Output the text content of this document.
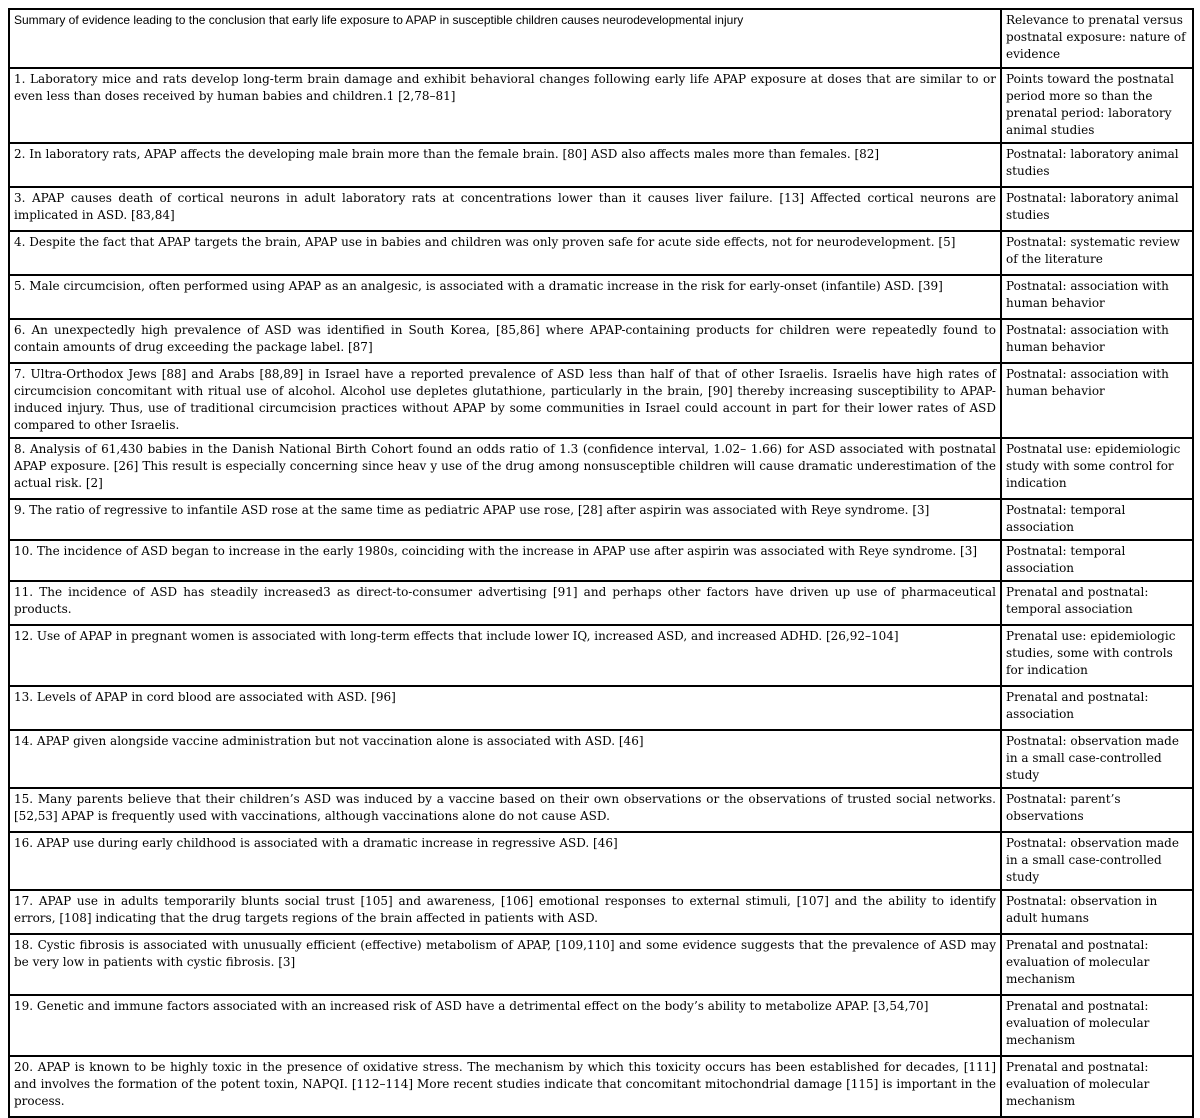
Summary of evidence leading to the conclusion that early life exposure to APAP in susceptible children causes neurodevelopmental injury	Relevance to prenatal versus postnatal exposure: nature of evidence
1. Laboratory mice and rats develop long-term brain damage and exhibit behavioral changes following early life APAP exposure at doses that are similar to or even less than doses received by human babies and children.1 [2,78–81]	Points toward the postnatal period more so than the prenatal period: laboratory animal studies
2. In laboratory rats, APAP affects the developing male brain more than the female brain. [80] ASD also affects males more than females. [82]	Postnatal: laboratory animal studies
3. APAP causes death of cortical neurons in adult laboratory rats at concentrations lower than it causes liver failure. [13] Affected cortical neurons are implicated in ASD. [83,84]	Postnatal: laboratory animal studies
4. Despite the fact that APAP targets the brain, APAP use in babies and children was only proven safe for acute side effects, not for neurodevelopment. [5]	Postnatal: systematic review of the literature
5. Male circumcision, often performed using APAP as an analgesic, is associated with a dramatic increase in the risk for early-onset (infantile) ASD. [39]	Postnatal: association with human behavior
6. An unexpectedly high prevalence of ASD was identified in South Korea, [85,86] where APAP-containing products for children were repeatedly found to contain amounts of drug exceeding the package label. [87]	Postnatal: association with human behavior
7. Ultra-Orthodox Jews [88] and Arabs [88,89] in Israel have a reported prevalence of ASD less than half of that of other Israelis. Israelis have high rates of circumcision concomitant with ritual use of alcohol. Alcohol use depletes glutathione, particularly in the brain, [90] thereby increasing susceptibility to APAP-induced injury. Thus, use of traditional circumcision practices without APAP by some communities in Israel could account in part for their lower rates of ASD compared to other Israelis.	Postnatal: association with human behavior
8. Analysis of 61,430 babies in the Danish National Birth Cohort found an odds ratio of 1.3 (confidence interval, 1.02– 1.66) for ASD associated with postnatal APAP exposure. [26] This result is especially concerning since heav y use of the drug among nonsusceptible children will cause dramatic underestimation of the actual risk. [2]	Postnatal use: epidemiologic study with some control for indication
9. The ratio of regressive to infantile ASD rose at the same time as pediatric APAP use rose, [28] after aspirin was associated with Reye syndrome. [3]	Postnatal: temporal association
10. The incidence of ASD began to increase in the early 1980s, coinciding with the increase in APAP use after aspirin was associated with Reye syndrome. [3]	Postnatal: temporal association
11. The incidence of ASD has steadily increased3 as direct-to-consumer advertising [91] and perhaps other factors have driven up use of pharmaceutical products.	Prenatal and postnatal: temporal association
12. Use of APAP in pregnant women is associated with long-term effects that include lower IQ, increased ASD, and increased ADHD. [26,92–104]	Prenatal use: epidemiologic studies, some with controls for indication
13. Levels of APAP in cord blood are associated with ASD. [96]	Prenatal and postnatal: association
14. APAP given alongside vaccine administration but not vaccination alone is associated with ASD. [46]	Postnatal: observation made in a small case-controlled study
15. Many parents believe that their children’s ASD was induced by a vaccine based on their own observations or the observations of trusted social networks. [52,53] APAP is frequently used with vaccinations, although vaccinations alone do not cause ASD.	Postnatal: parent’s observations
16. APAP use during early childhood is associated with a dramatic increase in regressive ASD. [46]	Postnatal: observation made in a small case-controlled study
17. APAP use in adults temporarily blunts social trust [105] and awareness, [106] emotional responses to external stimuli, [107] and the ability to identify errors, [108] indicating that the drug targets regions of the brain affected in patients with ASD.	Postnatal: observation in adult humans
18. Cystic fibrosis is associated with unusually efficient (effective) metabolism of APAP, [109,110] and some evidence suggests that the prevalence of ASD may be very low in patients with cystic fibrosis. [3]	Prenatal and postnatal: evaluation of molecular mechanism
19. Genetic and immune factors associated with an increased risk of ASD have a detrimental effect on the body’s ability to metabolize APAP. [3,54,70]	Prenatal and postnatal: evaluation of molecular mechanism
20. APAP is known to be highly toxic in the presence of oxidative stress. The mechanism by which this toxicity occurs has been established for decades, [111] and involves the formation of the potent toxin, NAPQI. [112–114] More recent studies indicate that concomitant mitochondrial damage [115] is important in the process.	Prenatal and postnatal: evaluation of molecular mechanism
